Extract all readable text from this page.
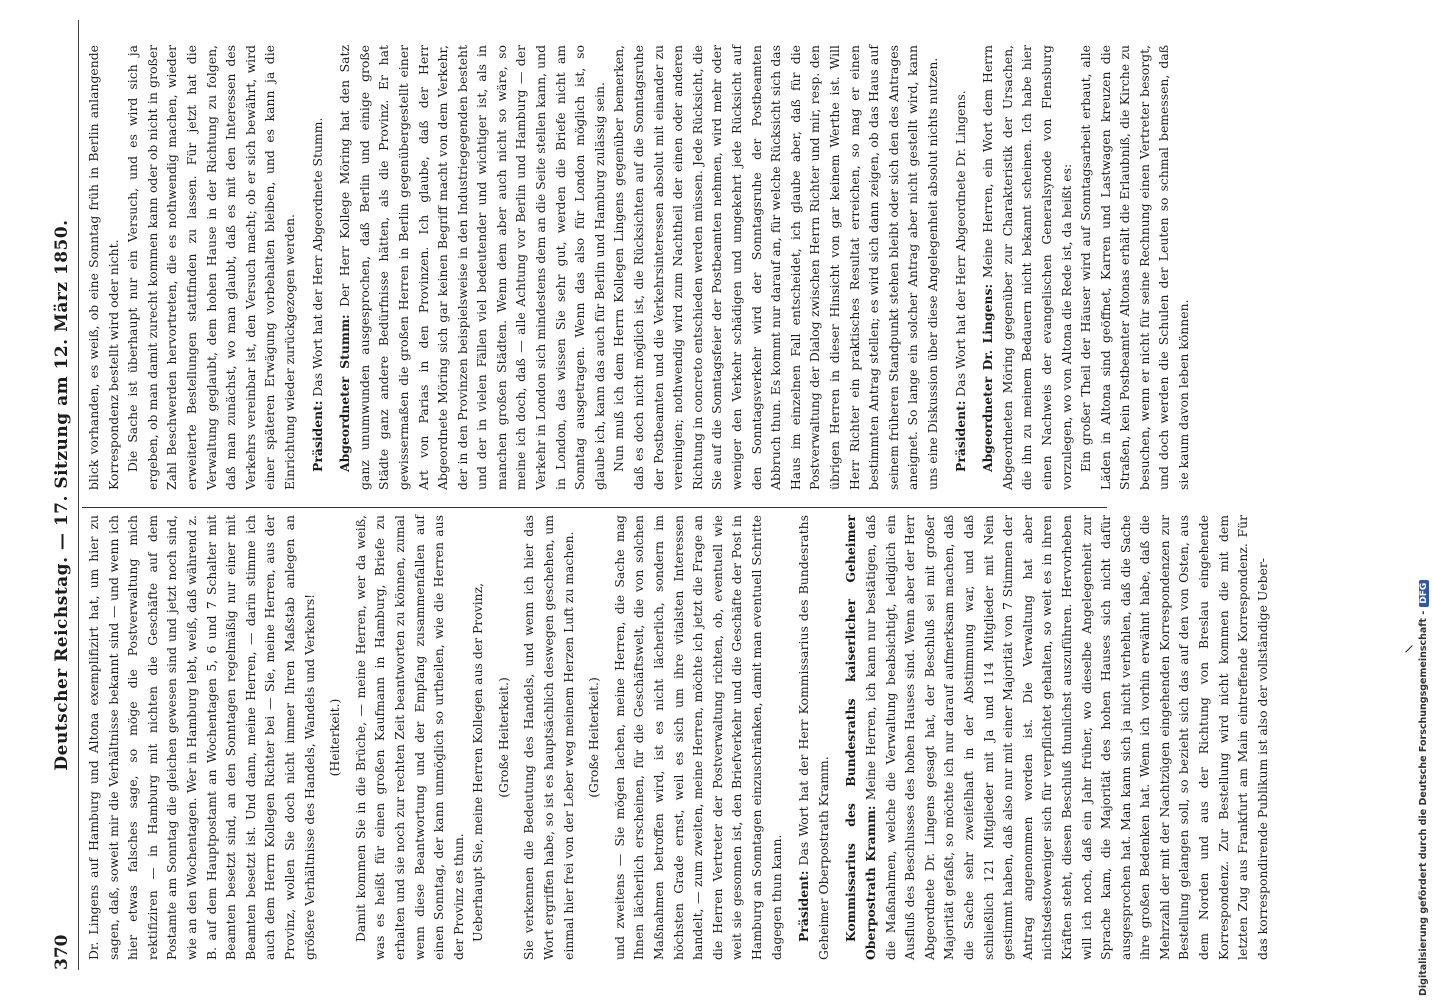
370
Deutscher Reichstag. — 17. Sitzung am 12. März 1850. Dr. Lingens auf Hamburg und Altona exemplifizirt hat, um hier zu sagen, daß, soweit mir die Verhältnisse bekannt sind — und wenn ich hier etwas falsches sage, so möge die Postverwaltung mich rektifiziren — in Hamburg mit nichten die Geschäfte auf dem Postamte am Sonntag die gleichen gewesen sind und jetzt noch sind, wie an den Wochentagen. Wer in Hamburg lebt, weiß, daß während z. B. auf dem Hauptpostamt an Wochentagen 5, 6 und 7 Schalter mit Beamten besetzt sind, an den Sonntagen regelmäßig nur einer mit Beamten besetzt ist. Und dann, meine Herren, — darin stimme ich auch dem Herrn Kollegen Richter bei — Sie, meine Herren, aus der Provinz, wollen Sie doch nicht immer Ihren Maßstab anlegen an größere Verhältnisse des Handels, Wandels und Verkehrs! (Heiterkeit.) Damit kommen Sie in die Brüche, — meine Herren, wer da weiß, was es heißt für einen großen Kaufmann in Hamburg, Briefe zu erhalten und sie noch zur rechten Zeit beantworten zu können, zumal wenn diese Beantwortung und der Empfang zusammenfallen auf einen Sonntag, der kann unmöglich so urtheilen, wie die Herren aus der Provinz es thun. Ueberhaupt Sie, meine Herren Kollegen aus der Provinz, (Große Heiterkeit.) Sie verkennen die Bedeutung des Handels, und wenn ich hier das Wort ergriffen habe, so ist es hauptsächlich deswegen geschehen, um einmal hier frei von der Leber weg meinem Herzen Luft zu machen. (Große Heiterkeit.) und zweitens — Sie mögen lachen, meine Herren, die Sache mag Ihnen lächerlich erscheinen, für die Geschäftswelt, die von solchen Maßnahmen betroffen wird, ist es nicht lächerlich, sondern im höchsten Grade ernst, weil es sich um ihre vitalsten Interessen handelt, — zum zweiten, meine Herren, möchte ich jetzt die Frage an die Herren Vertreter der Postverwaltung richten, ob, eventuell wie weit sie gesonnen ist, den Briefverkehr und die Geschäfte der Post in Hamburg an Sonntagen einzuschränken, damit man eventuell Schritte dagegen thun kann. Präsident: Das Wort hat der Herr Kommissarius des Bundesraths Geheimer Oberpostrath Kramm. Kommissarius des Bundesraths kaiserlicher Geheimer Oberpostrath Kramm: Meine Herren, ich kann nur bestätigen, daß die Maßnahmen, welche die Verwaltung beabsichtigt, lediglich ein Ausfluß des Beschlusses des hohen Hauses sind. Wenn aber der Herr Abgeordnete Dr. Lingens gesagt hat, der Beschluß sei mit großer Majorität gefaßt, so möchte ich nur darauf aufmerksam machen, daß die Sache sehr zweifelhaft in der Abstimmung war, und daß schließlich 121 Mitglieder mit Ja und 114 Mitglieder mit Nein gestimmt haben, daß also nur mit einer Majorität von 7 Stimmen der Antrag angenommen worden ist. Die Verwaltung hat aber nichtsdestoweniger sich für verpflichtet gehalten, so weit es in ihren Kräften steht, diesen Beschluß thunlichst auszuführen. Hervorheben will ich noch, daß ein Jahr früher, wo dieselbe Angelegenheit zur Sprache kam, die Majorität des hohen Hauses sich nicht dafür ausgesprochen hat. Man kann sich ja nicht verhehlen, daß die Sache ihre großen Bedenken hat. Wenn ich vorhin erwähnt habe, daß die Mehrzahl der mit der Nachtzügen eingehenden Korrespondenzen zur Bestellung gelangen soll, so bezieht sich das auf den von Osten, aus dem Norden und aus der Richtung von Breslau eingehende Korrespondenz. Zur Bestellung wird nicht kommen die mit dem letzten Zug aus Frankfurt am Main eintreffende Korrespondenz. Für das korrespondirende Publikum ist also der vollständige Ueber-

blick vorhanden, es weiß, ob eine Sonntag früh in Berlin anlangende Korrespondenz bestellt wird oder nicht. Die Sache ist überhaupt nur ein Versuch, und es wird sich ja ergeben, ob man damit zurecht kommen kann oder ob nicht in großer Zahl Beschwerden hervortreten, die es nothwendig machen, wieder erweiterte Bestellungen stattfinden zu lassen. Für jetzt hat die Verwaltung geglaubt, dem hohen Hause in der Richtung zu folgen, daß man zunächst, wo man glaubt, daß es mit den Interessen des Verkehrs vereinbar ist, den Versuch macht; ob er sich bewährt, wird einer späteren Erwägung vorbehalten bleiben, und es kann ja die Einrichtung wieder zurückgezogen werden. Präsident: Das Wort hat der Herr Abgeordnete Stumm. Abgeordneter Stumm: Der Herr Kollege Möring hat den Satz ganz unumwunden ausgesprochen, daß Berlin und einige große Städte ganz andere Bedürfnisse hätten, als die Provinz. Er hat gewissermaßen die großen Herren in Berlin gegenübergestellt einer Art von Parias in den Provinzen. Ich glaube, daß der Herr Abgeordnete Möring sich gar keinen Begriff macht von dem Verkehr, der in den Provinzen beispielsweise in den Industriegegenden besteht und der in vielen Fällen viel bedeutender und wichtiger ist, als in manchen großen Städten. Wenn dem aber auch nicht so wäre, so meine ich doch, daß — alle Achtung vor Berlin und Hamburg — der Verkehr in London sich mindestens dem an die Seite stellen kann, und in London, das wissen Sie sehr gut, werden die Briefe nicht am Sonntag ausgetragen. Wenn das also für London möglich ist, so glaube ich, kann das auch für Berlin und Hamburg zulässig sein. Nun muß ich dem Herrn Kollegen Lingens gegenüber bemerken, daß es doch nicht möglich ist, die Rücksichten auf die Sonntagsruhe der Postbeamten und die Verkehrsinteressen absolut mit einander zu vereinigen; nothwendig wird zum Nachtheil der einen oder anderen Richtung in concreto entschieden werden müssen. Jede Rücksicht, die Sie auf die Sonntagsfeier der Postbeamten nehmen, wird mehr oder weniger den Verkehr schädigen und umgekehrt jede Rücksicht auf den Sonntagsverkehr wird der Sonntagsruhe der Postbeamten Abbruch thun. Es kommt nur darauf an, für welche Rücksicht sich das Haus im einzelnen Fall entscheidet, ich glaube aber, daß für die Postverwaltung der Dialog zwischen Herrn Richter und mir, resp. den übrigen Herren in dieser Hinsicht von gar keinem Werthe ist. Will Herr Richter ein praktisches Resultat erreichen, so mag er einen bestimmten Antrag stellen; es wird sich dann zeigen, ob das Haus auf seinem früheren Standpunkt stehen bleibt oder sich den des Antrages aneignet. So lange ein solcher Antrag aber nicht gestellt wird, kann uns eine Diskussion über diese Angelegenheit absolut nichts nutzen. Präsident: Das Wort hat der Herr Abgeordnete Dr. Lingens. Abgeordneter Dr. Lingens: Meine Herren, ein Wort dem Herrn Abgeordneten Möring gegenüber zur Charakteristik der Ursachen, die ihn zu meinem Bedauern nicht bekannt scheinen. Ich habe hier einen Nachweis der evangelischen Generalsynode von Flensburg vorzulegen, wo von Altona die Rede ist, da heißt es: Ein großer Theil der Häuser wird auf Sonntagsarbeit erbaut, alle Läden in Altona sind geöffnet, Karren und Lastwagen kreuzen die Straßen, kein Postbeamter Altonas erhält die Erlaubniß, die Kirche zu besuchen, wenn er nicht für seine Rechnung einen Vertreter besorgt, und doch werden die Schulen der Leuten so schmal bemessen, daß sie kaum davon leben können.

⸝ Digitalisierung gefördert durch die Deutsche Forschungsgemeinschaft -DFG
